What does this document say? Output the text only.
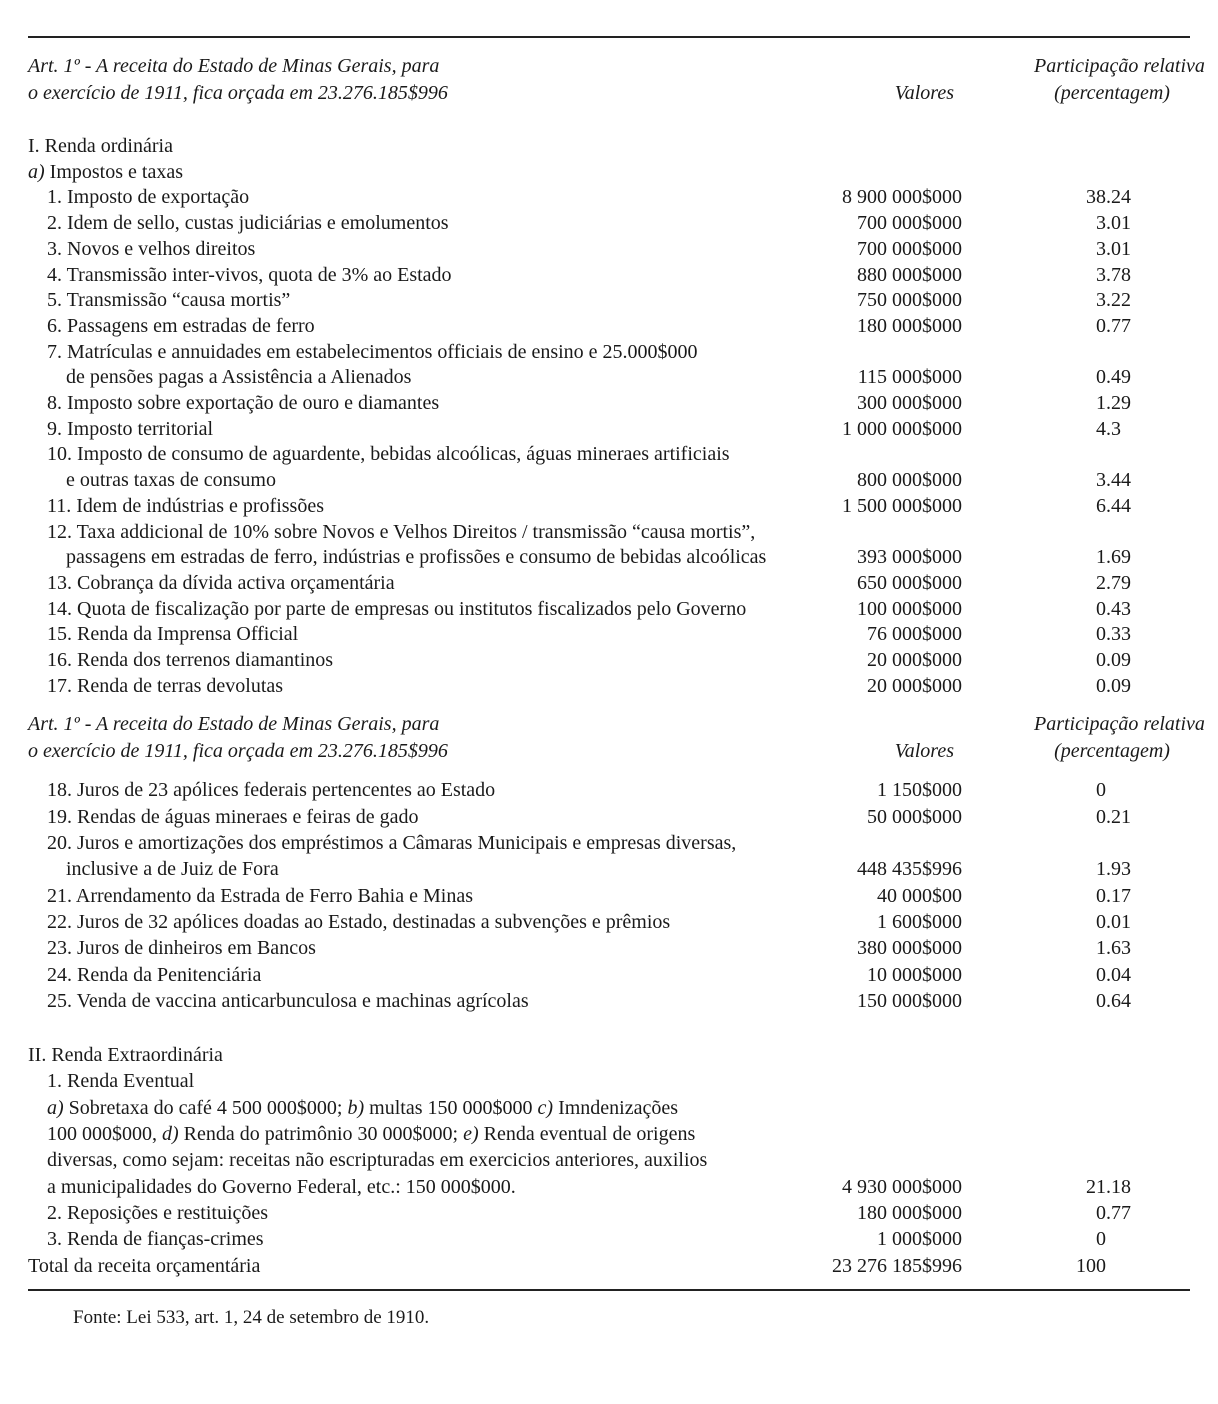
Art. 1º - A receita do Estado de Minas Gerais, para
o exercício de 1911, fica orçada em 23.276.185$996	Valores
Participação relativa
(percentagem)
I. Renda ordinária
a) Impostos e taxas
1. Imposto de exportação	8 900 000$000	38 .24
2. Idem de sello, custas judiciárias e emolumentos	700 000$000	3 .01
3. Novos e velhos direitos	700 000$000	3 .01
4. Transmissão inter-vivos, quota de 3% ao Estado	880 000$000	3 .78
5. Transmissão “causa mortis”	750 000$000	3 .22
6. Passagens em estradas de ferro	180 000$000	0 .77
7. Matrículas e annuidades em estabelecimentos officiais de ensino e 25.000$000
de pensões pagas a Assistência a Alienados	115 000$000	0 .49
8. Imposto sobre exportação de ouro e diamantes	300 000$000	1 .29
9. Imposto territorial	1 000 000$000	4 .3
10. Imposto de consumo de aguardente, bebidas alcoólicas, águas mineraes artificiais
e outras taxas de consumo	800 000$000	3 .44
11. Idem de indústrias e profissões	1 500 000$000	6 .44
12. Taxa addicional de 10% sobre Novos e Velhos Direitos / transmissão “causa mortis”,
passagens em estradas de ferro, indústrias e profissões e consumo de bebidas alcoólicas	393 000$000	1 .69
13. Cobrança da dívida activa orçamentária	650 000$000	2 .79
14. Quota de fiscalização por parte de empresas ou institutos fiscalizados pelo Governo	100 000$000	0 .43
15. Renda da Imprensa Official	76 000$000	0 .33
16. Renda dos terrenos diamantinos	20 000$000	0 .09
17. Renda de terras devolutas	20 000$000	0 .09
Art. 1º - A receita do Estado de Minas Gerais, para
o exercício de 1911, fica orçada em 23.276.185$996	Valores
Participação relativa
(percentagem)
18. Juros de 23 apólices federais pertencentes ao Estado	1 150$000	0
19. Rendas de águas mineraes e feiras de gado	50 000$000	0 .21
20. Juros e amortizações dos empréstimos a Câmaras Municipais e empresas diversas,
inclusive a de Juiz de Fora	448 435$996	1 .93
21. Arrendamento da Estrada de Ferro Bahia e Minas	40 000$00	0 .17
22. Juros de 32 apólices doadas ao Estado, destinadas a subvenções e prêmios	1 600$000	0 .01
23. Juros de dinheiros em Bancos	380 000$000	1 .63
24. Renda da Penitenciária	10 000$000	0 .04
25. Venda de vaccina anticarbunculosa e machinas agrícolas	150 000$000	0 .64
II. Renda Extraordinária
1. Renda Eventual
a) Sobretaxa do café 4 500 000$000; b) multas 150 000$000 c) Imndenizações
100 000$000, d) Renda do patrimônio 30 000$000; e) Renda eventual de origens
diversas, como sejam: receitas não escripturadas em exercicios anteriores, auxilios
a municipalidades do Governo Federal, etc.: 150 000$000.	4 930 000$000	21 .18
2. Reposições e restituições	180 000$000	0 .77
3. Renda de fianças-crimes	1 000$000	0
Total da receita orçamentária	23 276 185$996	100
Fonte: Lei 533, art. 1, 24 de setembro de 1910.
